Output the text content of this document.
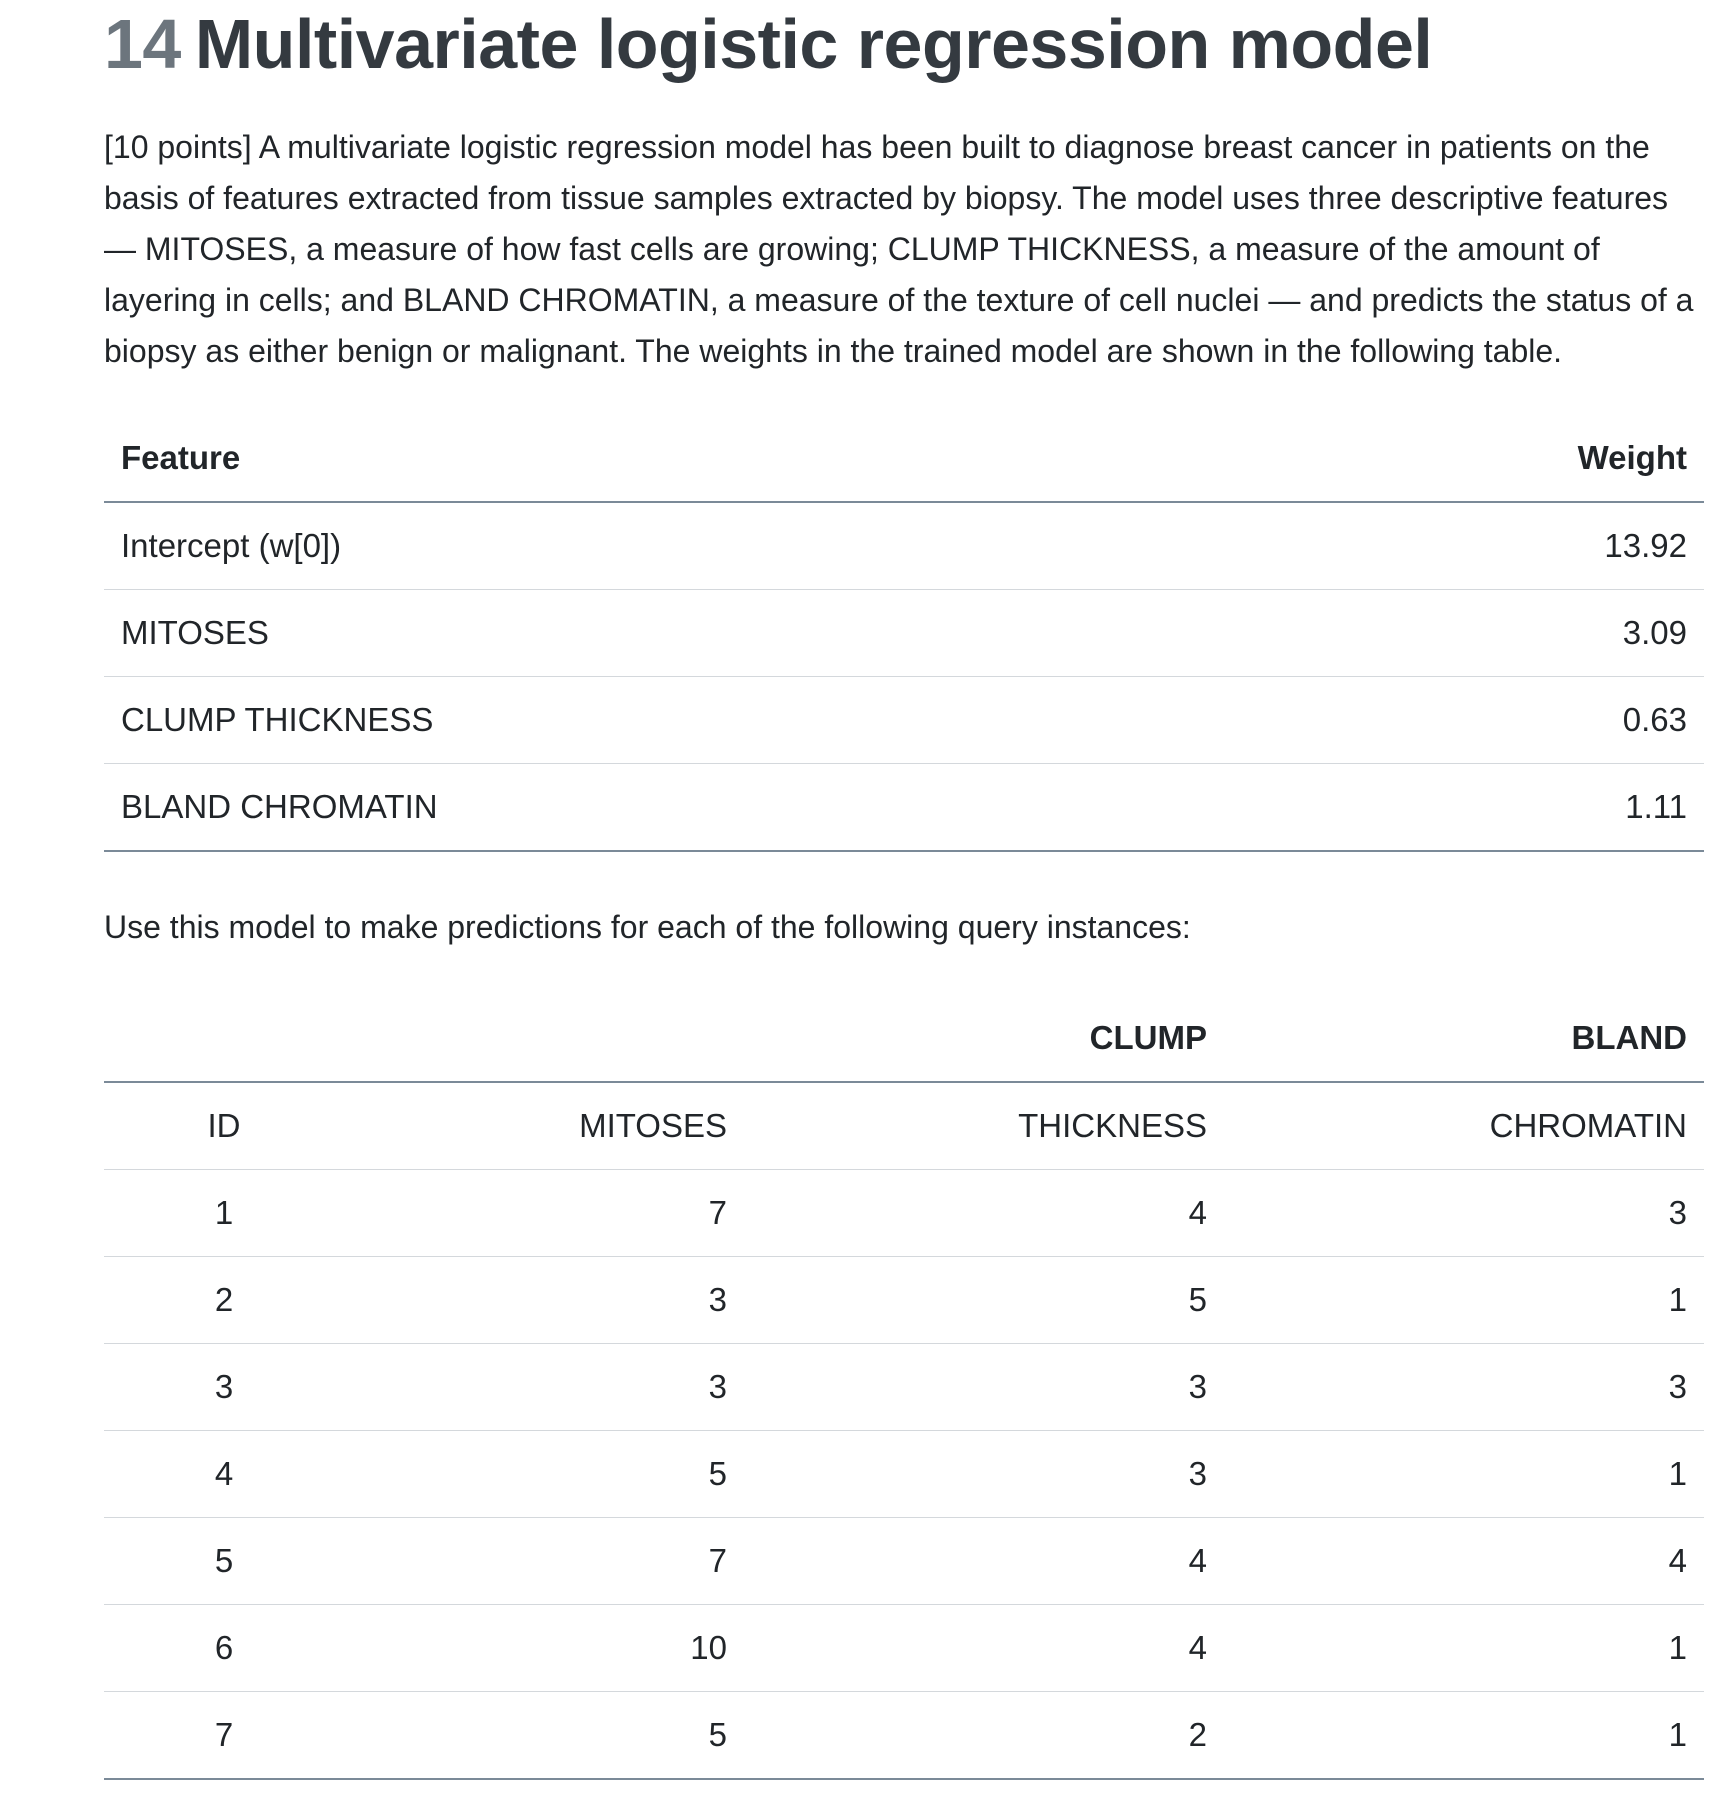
14 Multivariate logistic regression model

[10 points] A multivariate logistic regression model has been built to diagnose breast cancer in patients on the basis of features extracted from tissue samples extracted by biopsy. The model uses three descriptive features — MITOSES, a measure of how fast cells are growing; CLUMP THICKNESS, a measure of the amount of layering in cells; and BLAND CHROMATIN, a measure of the texture of cell nuclei — and predicts the status of a biopsy as either benign or malignant. The weights in the trained model are shown in the following table.

Feature	Weight
Intercept (w[0])	13.92
MITOSES	3.09
CLUMP THICKNESS	0.63
BLAND CHROMATIN	1.11

Use this model to make predictions for each of the following query instances:

		CLUMP	BLAND
ID	MITOSES	THICKNESS	CHROMATIN
1	7	4	3
2	3	5	1
3	3	3	3
4	5	3	1
5	7	4	4
6	10	4	1
7	5	2	1
